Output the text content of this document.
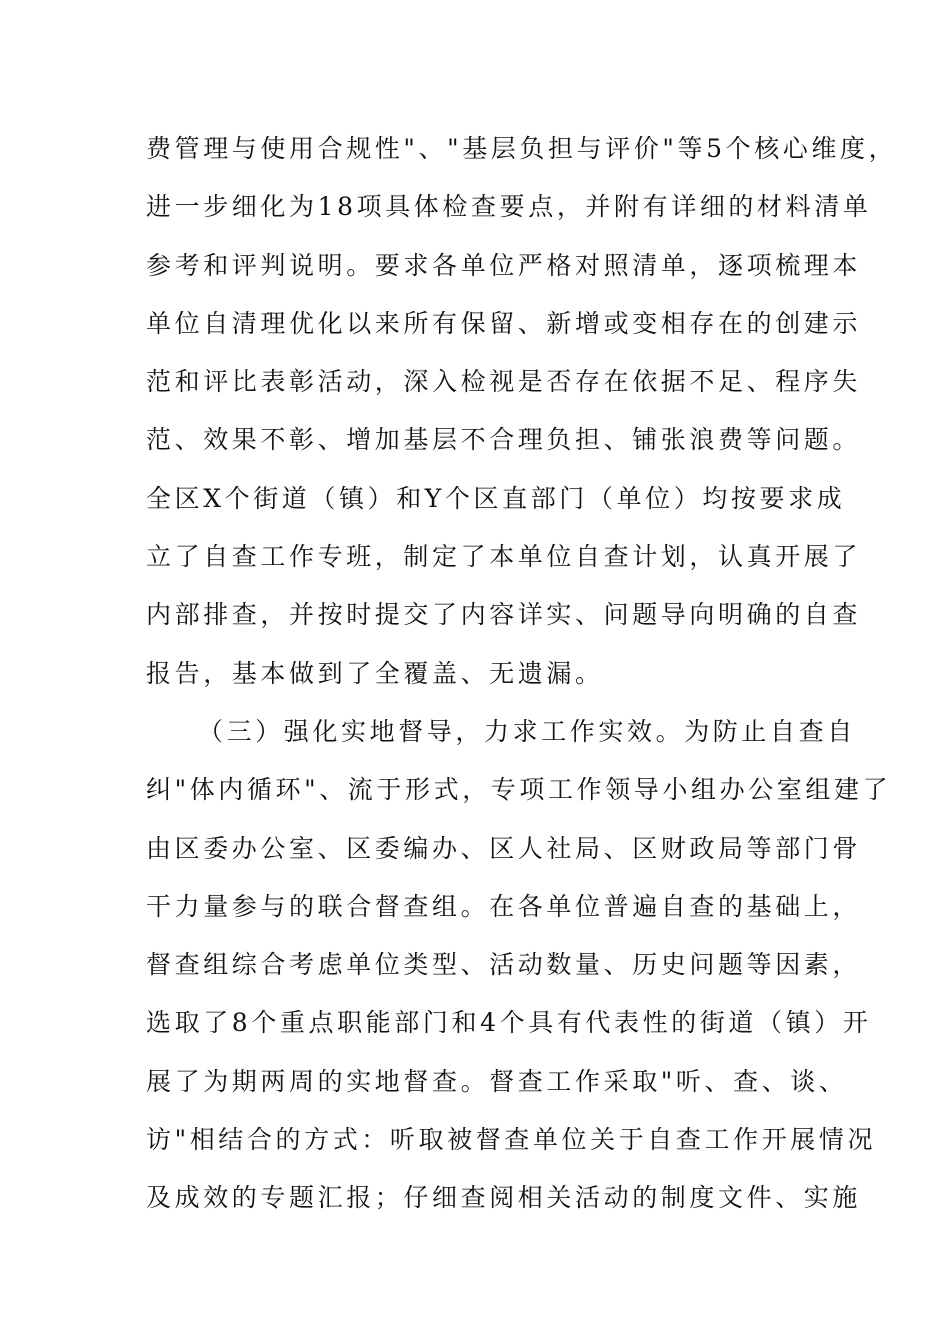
费管理与使用合规性"、"基层负担与评价"等5个核心维度，
进一步细化为18项具体检查要点，并附有详细的材料清单
参考和评判说明。要求各单位严格对照清单，逐项梳理本
单位自清理优化以来所有保留、新增或变相存在的创建示
范和评比表彰活动，深入检视是否存在依据不足、程序失
范、效果不彰、增加基层不合理负担、铺张浪费等问题。
全区X个街道（镇）和Y个区直部门（单位）均按要求成
立了自查工作专班，制定了本单位自查计划，认真开展了
内部排查，并按时提交了内容详实、问题导向明确的自查
报告，基本做到了全覆盖、无遗漏。
（三）强化实地督导，力求工作实效。为防止自查自
纠"体内循环"、流于形式，专项工作领导小组办公室组建了
由区委办公室、区委编办、区人社局、区财政局等部门骨
干力量参与的联合督查组。在各单位普遍自查的基础上，
督查组综合考虑单位类型、活动数量、历史问题等因素，
选取了8个重点职能部门和4个具有代表性的街道（镇）开
展了为期两周的实地督查。督查工作采取"听、查、谈、
访"相结合的方式：听取被督查单位关于自查工作开展情况
及成效的专题汇报；仔细查阅相关活动的制度文件、实施
